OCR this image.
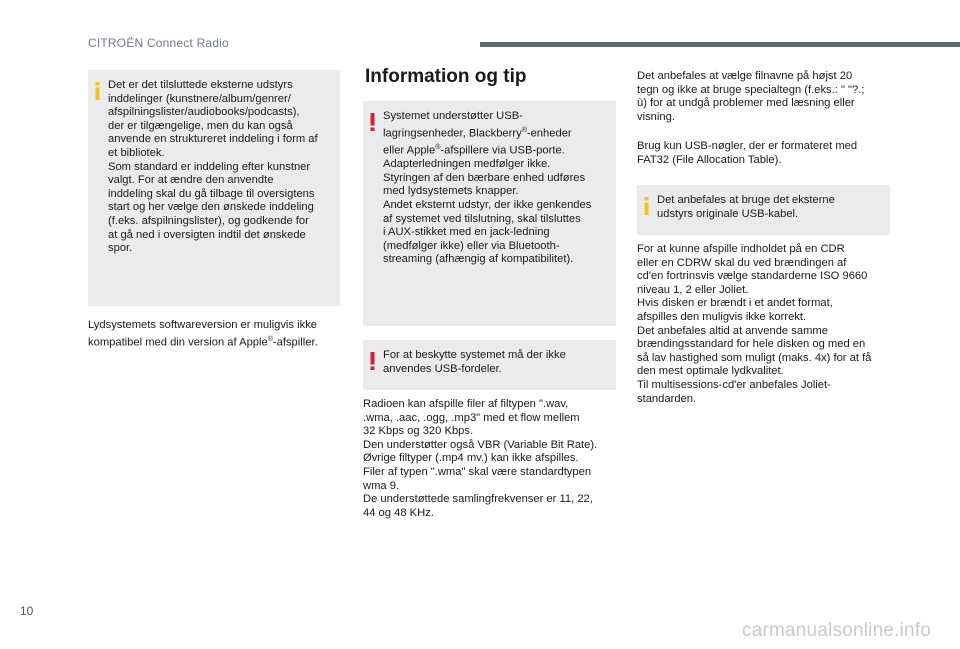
CITROËN Connect Radio
Det er det tilsluttede eksterne udstyrs
inddelinger (kunstnere/album/genrer/
afspilningslister/audiobooks/podcasts),
der er tilgængelige, men du kan også
anvende en struktureret inddeling i form af
et bibliotek.
Som standard er inddeling efter kunstner
valgt. For at ændre den anvendte
inddeling skal du gå tilbage til oversigtens
start og her vælge den ønskede inddeling
(f.eks. afspilningslister), og godkende for
at gå ned i oversigten indtil det ønskede
spor.
Lydsystemets softwareversion er muligvis ikke
kompatibel med din version af Apple®-afspiller.
Information og tip
Systemet understøtter USB-
lagringsenheder, Blackberry®-enheder
eller Apple®-afspillere via USB-porte.
Adapterledningen medfølger ikke.
Styringen af den bærbare enhed udføres
med lydsystemets knapper.
Andet eksternt udstyr, der ikke genkendes
af systemet ved tilslutning, skal tilsluttes
i AUX-stikket med en jack-ledning
(medfølger ikke) eller via Bluetooth-
streaming (afhængig af kompatibilitet).
For at beskytte systemet må der ikke
anvendes USB-fordeler.
Radioen kan afspille filer af filtypen ".wav,
.wma, .aac, .ogg, .mp3" med et flow mellem
32 Kbps og 320 Kbps.
Den understøtter også VBR (Variable Bit Rate).
Øvrige filtyper (.mp4 mv.) kan ikke afspilles.
Filer af typen ".wma" skal være standardtypen
wma 9.
De understøttede samlingfrekvenser er 11, 22,
44 og 48 KHz.
Det anbefales at vælge filnavne på højst 20
tegn og ikke at bruge specialtegn (f.eks.: " "?.;
ù) for at undgå problemer med læsning eller
visning.
Brug kun USB-nøgler, der er formateret med
FAT32 (File Allocation Table).
Det anbefales at bruge det eksterne
udstyrs originale USB-kabel.
For at kunne afspille indholdet på en CDR
eller en CDRW skal du ved brændingen af
cd'en fortrinsvis vælge standarderne ISO 9660
niveau 1, 2 eller Joliet.
Hvis disken er brændt i et andet format,
afspilles den muligvis ikke korrekt.
Det anbefales altid at anvende samme
brændingsstandard for hele disken og med en
så lav hastighed som muligt (maks. 4x) for at få
den mest optimale lydkvalitet.
Til multisessions-cd'er anbefales Joliet-
standarden.
10
carmanualsonline.info
